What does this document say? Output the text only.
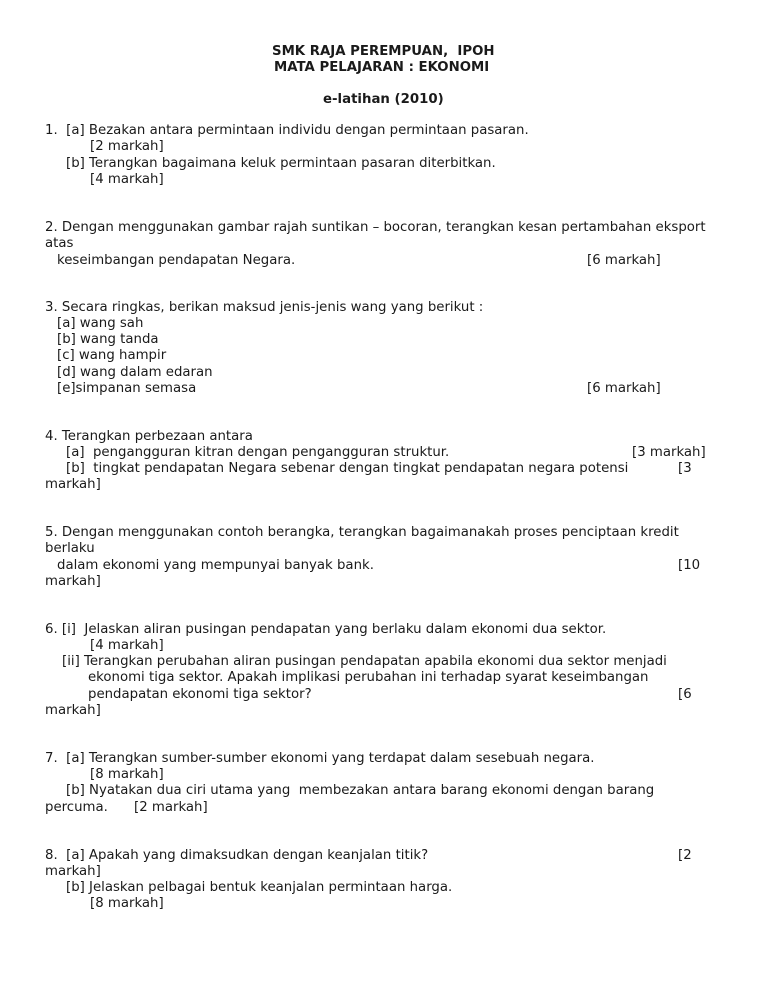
SMK RAJA PEREMPUAN,  IPOH
MATA PELAJARAN : EKONOMI
e-latihan (2010)
1.  [a] Bezakan antara permintaan individu dengan permintaan pasaran.
[2 markah]
[b] Terangkan bagaimana keluk permintaan pasaran diterbitkan.
[4 markah]
2. Dengan menggunakan gambar rajah suntikan – bocoran, terangkan kesan pertambahan eksport
atas
keseimbangan pendapatan Negara.	[6 markah]
3. Secara ringkas, berikan maksud jenis-jenis wang yang berikut :
[a] wang sah
[b] wang tanda
[c] wang hampir
[d] wang dalam edaran
[e]simpanan semasa	[6 markah]
4. Terangkan perbezaan antara
[a]  pengangguran kitran dengan pengangguran struktur.	[3 markah]
[b]  tingkat pendapatan Negara sebenar dengan tingkat pendapatan negara potensi	[3
markah]
5. Dengan menggunakan contoh berangka, terangkan bagaimanakah proses penciptaan kredit
berlaku
dalam ekonomi yang mempunyai banyak bank.	[10
markah]
6. [i]  Jelaskan aliran pusingan pendapatan yang berlaku dalam ekonomi dua sektor.
[4 markah]
[ii] Terangkan perubahan aliran pusingan pendapatan apabila ekonomi dua sektor menjadi
ekonomi tiga sektor. Apakah implikasi perubahan ini terhadap syarat keseimbangan
pendapatan ekonomi tiga sektor?	[6
markah]
7.  [a] Terangkan sumber-sumber ekonomi yang terdapat dalam sesebuah negara.
[8 markah]
[b] Nyatakan dua ciri utama yang  membezakan antara barang ekonomi dengan barang
percuma. [2 markah]
8.  [a] Apakah yang dimaksudkan dengan keanjalan titik?	[2
markah]
[b] Jelaskan pelbagai bentuk keanjalan permintaan harga.
[8 markah]
